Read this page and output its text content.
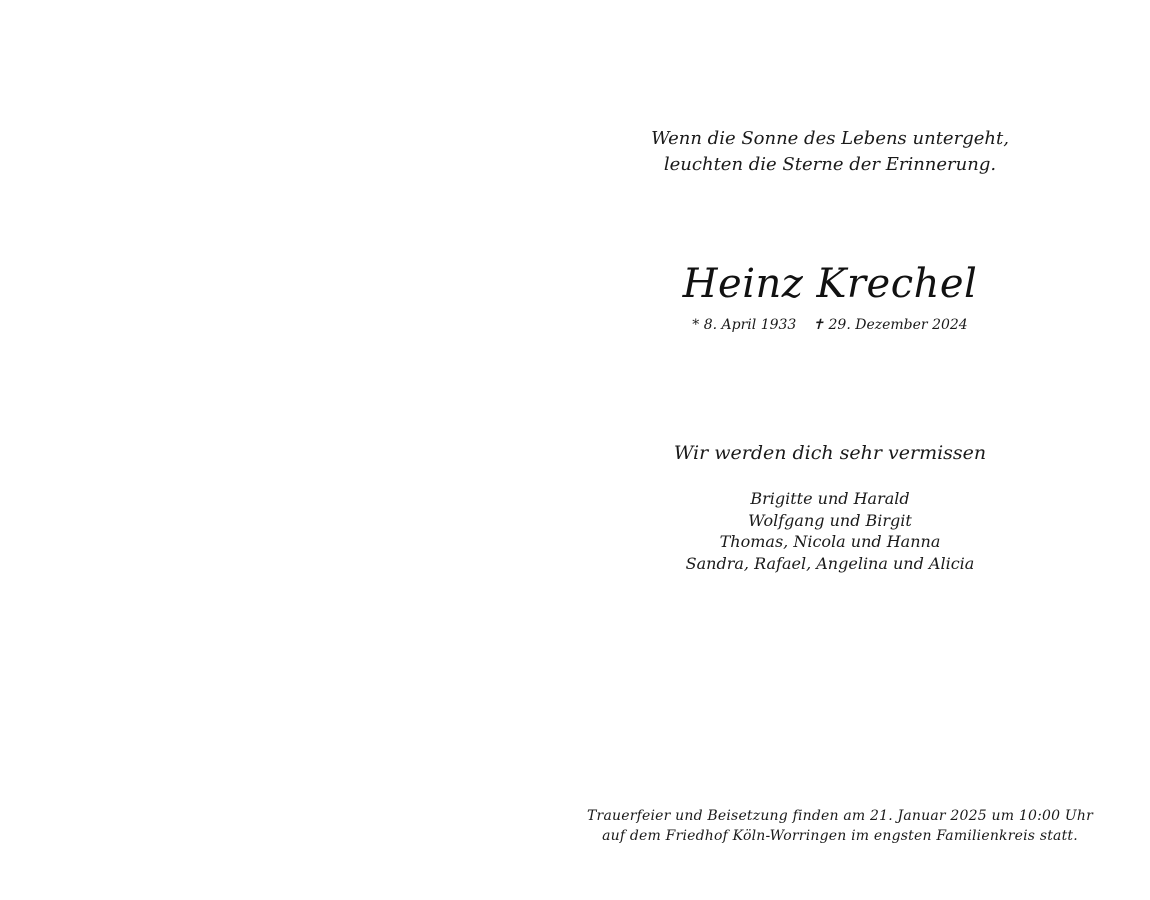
Wenn die Sonne des Lebens untergeht,
leuchten die Sterne der Erinnerung.
Heinz Krechel
* 8. April 1933 ✝ 29. Dezember 2024
Wir werden dich sehr vermissen
Brigitte und Harald
Wolfgang und Birgit
Thomas, Nicola und Hanna
Sandra, Rafael, Angelina und Alicia
Trauerfeier und Beisetzung finden am 21. Januar 2025 um 10:00 Uhr
auf dem Friedhof Köln-Worringen im engsten Familienkreis statt.
